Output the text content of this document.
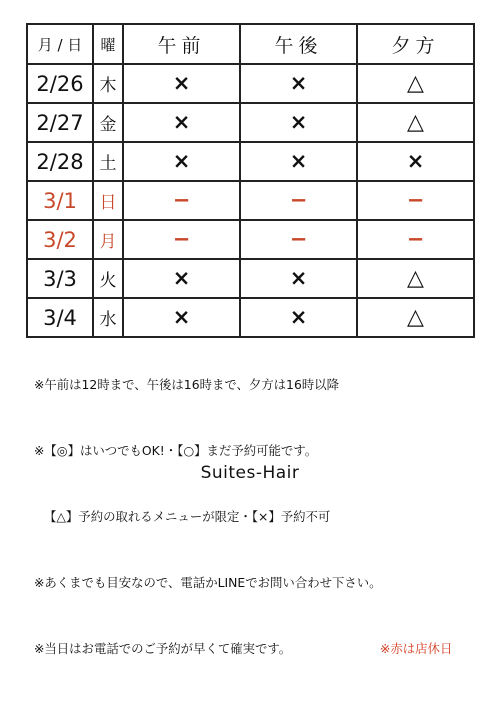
月 / 日	曜	午前	午後	夕方
2/26	木	×	×	△
2/27	金	×	×	△
2/28	土	×	×	×
3/1	日	−	−	−
3/2	月	−	−	−
3/3	火	×	×	△
3/4	水	×	×	△

※午前は12時まで、午後は16時まで、夕方は16時以降

※【◎】はいつでもOK!・【○】まだ予約可能です。

【△】予約の取れるメニューが限定・【×】予約不可

※あくまでも目安なので、電話かLINEでお問い合わせ下さい。

※当日はお電話でのご予約が早くて確実です。	※赤は店休日

Suites-Hair
